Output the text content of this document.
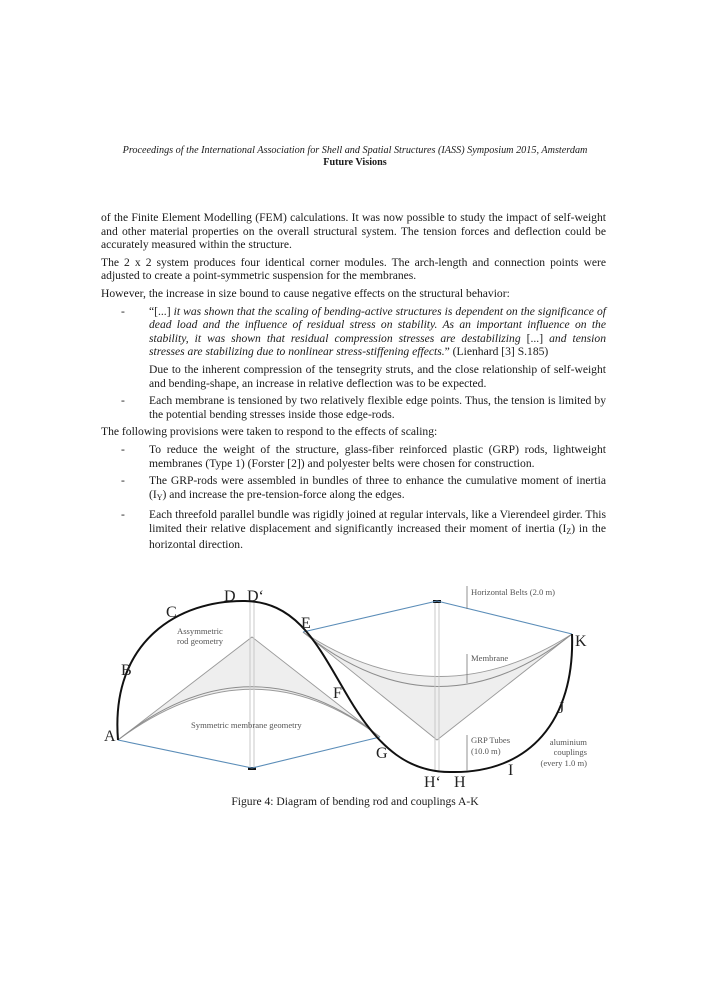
Proceedings of the International Association for Shell and Spatial Structures (IASS) Symposium 2015, Amsterdam
Future Visions

of the Finite Element Modelling (FEM) calculations. It was now possible to study the impact of self-weight and other material properties on the overall structural system. The tension forces and deflection could be accurately measured within the structure.

The 2 x 2 system produces four identical corner modules. The arch-length and connection points were adjusted to create a point-symmetric suspension for the membranes.

However, the increase in size bound to cause negative effects on the structural behavior:

- “[...] it was shown that the scaling of bending-active structures is dependent on the significance of dead load and the influence of residual stress on stability. As an important influence on the stability, it was shown that residual compression stresses are destabilizing [...] and tension stresses are stabilizing due to nonlinear stress-stiffening effects.” (Lienhard [3] S.185)

Due to the inherent compression of the tensegrity struts, and the close relationship of self-weight and bending-shape, an increase in relative deflection was to be expected.

- Each membrane is tensioned by two relatively flexible edge points. Thus, the tension is limited by the potential bending stresses inside those edge-rods.

The following provisions were taken to respond to the effects of scaling:

- To reduce the weight of the structure, glass-fiber reinforced plastic (GRP) rods, lightweight membranes (Type 1) (Forster [2]) and polyester belts were chosen for construction.
- The GRP-rods were assembled in bundles of three to enhance the cumulative moment of inertia (IY) and increase the pre-tension-force along the edges.
- Each threefold parallel bundle was rigidly joined at regular intervals, like a Vierendeel girder. This limited their relative displacement and significantly increased their moment of inertia (IZ) in the horizontal direction.
A
B
C
D D‘
E
F
G
H‘ H
I
J
K
Assymmetric
rod geometry
Symmetric membrane geometry
Horizontal Belts (2.0 m)
Membrane
GRP Tubes
(10.0 m)
aluminium
couplings
(every 1.0 m)
Figure 4: Diagram of bending rod and couplings A-K
